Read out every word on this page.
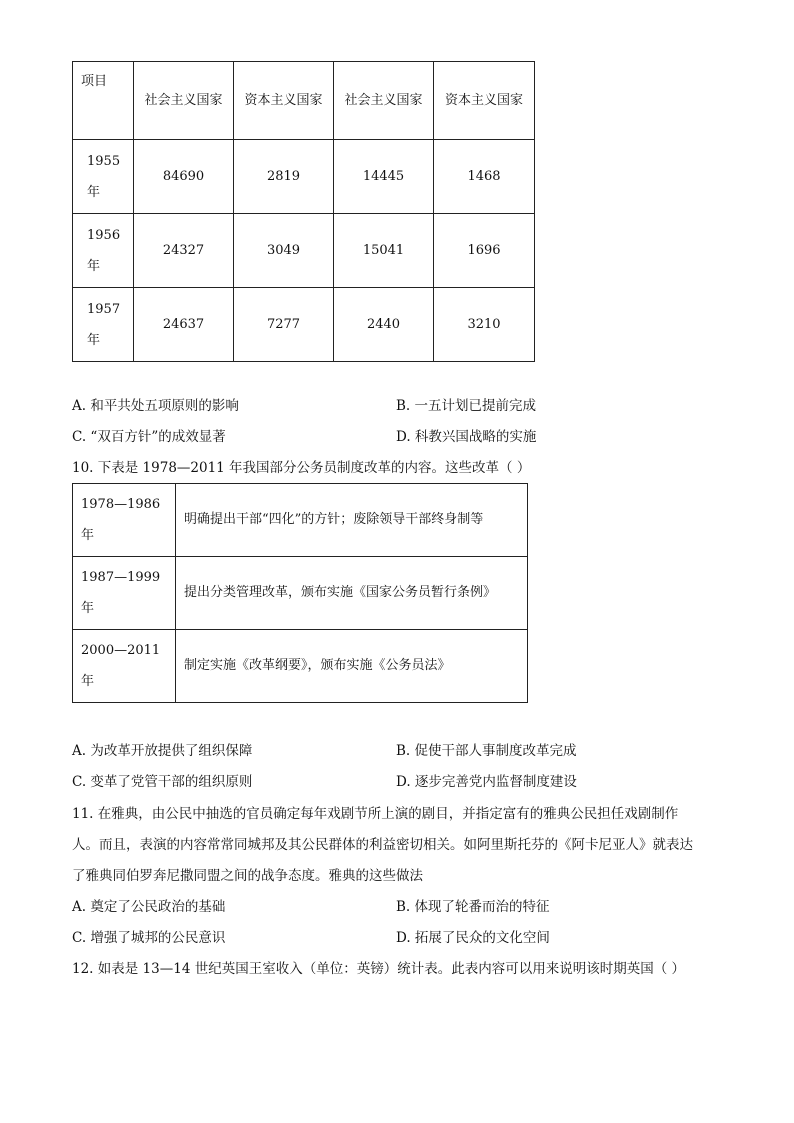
项目	社会主义国家	资本主义国家	社会主义国家	资本主义国家
1955
年	84690	2819	14445	1468
1956
年	24327	3049	15041	1696
1957
年	24637	7277	2440	3210
A. 和平共处五项原则的影响	B. 一五计划已提前完成
C. “双百方针”的成效显著	D. 科教兴国战略的实施
10. 下表是 1978—2011 年我国部分公务员制度改革的内容。这些改革（ ）
1978—1986
年	明确提出干部“四化”的方针；废除领导干部终身制等
1987—1999
年	提出分类管理改革，颁布实施《国家公务员暂行条例》
2000—2011
年	制定实施《改革纲要》，颁布实施《公务员法》
A. 为改革开放提供了组织保障	B. 促使干部人事制度改革完成
C. 变革了党管干部的组织原则	D. 逐步完善党内监督制度建设
11. 在雅典，由公民中抽选的官员确定每年戏剧节所上演的剧目，并指定富有的雅典公民担任戏剧制作
人。而且，表演的内容常常同城邦及其公民群体的利益密切相关。如阿里斯托芬的《阿卡尼亚人》就表达
了雅典同伯罗奔尼撒同盟之间的战争态度。雅典的这些做法
A. 奠定了公民政治的基础	B. 体现了轮番而治的特征
C. 增强了城邦的公民意识	D. 拓展了民众的文化空间
12. 如表是 13—14 世纪英国王室收入（单位：英镑）统计表。此表内容可以用来说明该时期英国（ ）
